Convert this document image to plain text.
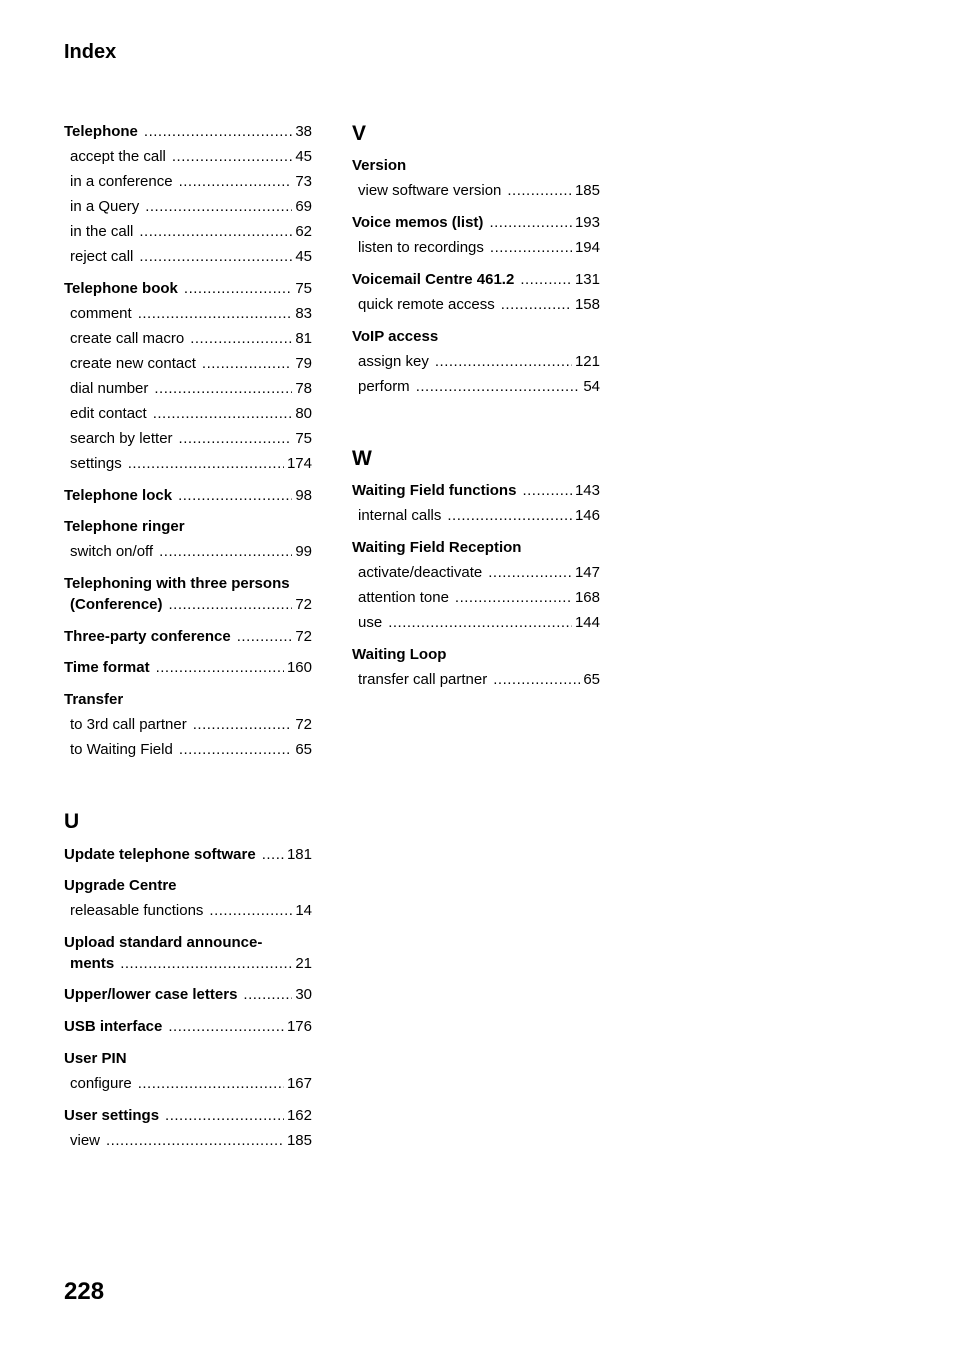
Index
Telephone .....	38
accept the call .....	45
in a conference .....	73
in a Query .....	69
in the call .....	62
reject call .....	45
Telephone book .....	75
comment .....	83
create call macro .....	81
create new contact .....	79
dial number .....	78
edit contact .....	80
search by letter .....	75
settings .....	174
Telephone lock .....	98
Telephone ringer
switch on/off .....	99
Telephoning with three persons
(Conference) .....	72
Three-party conference .....	72
Time format .....	160
Transfer
to 3rd call partner .....	72
to Waiting Field .....	65
U
Update telephone software ..... 181
Upgrade Centre
releasable functions .....	14
Upload standard announce-
ments .....	21
Upper/lower case letters .....	30
USB interface .....	176
User PIN
configure .....	167
User settings .....	162
view .....	185
V
Version
view software version .....	185
Voice memos (list) .....	193
listen to recordings .....	194
Voicemail Centre 461.2 .....	131
quick remote access .....	158
VoIP access
assign key .....	121
perform .....	54
W
Waiting Field functions .....	143
internal calls .....	146
Waiting Field Reception
activate/deactivate .....	147
attention tone .....	168
use .....	144
Waiting Loop
transfer call partner .....	65
228
